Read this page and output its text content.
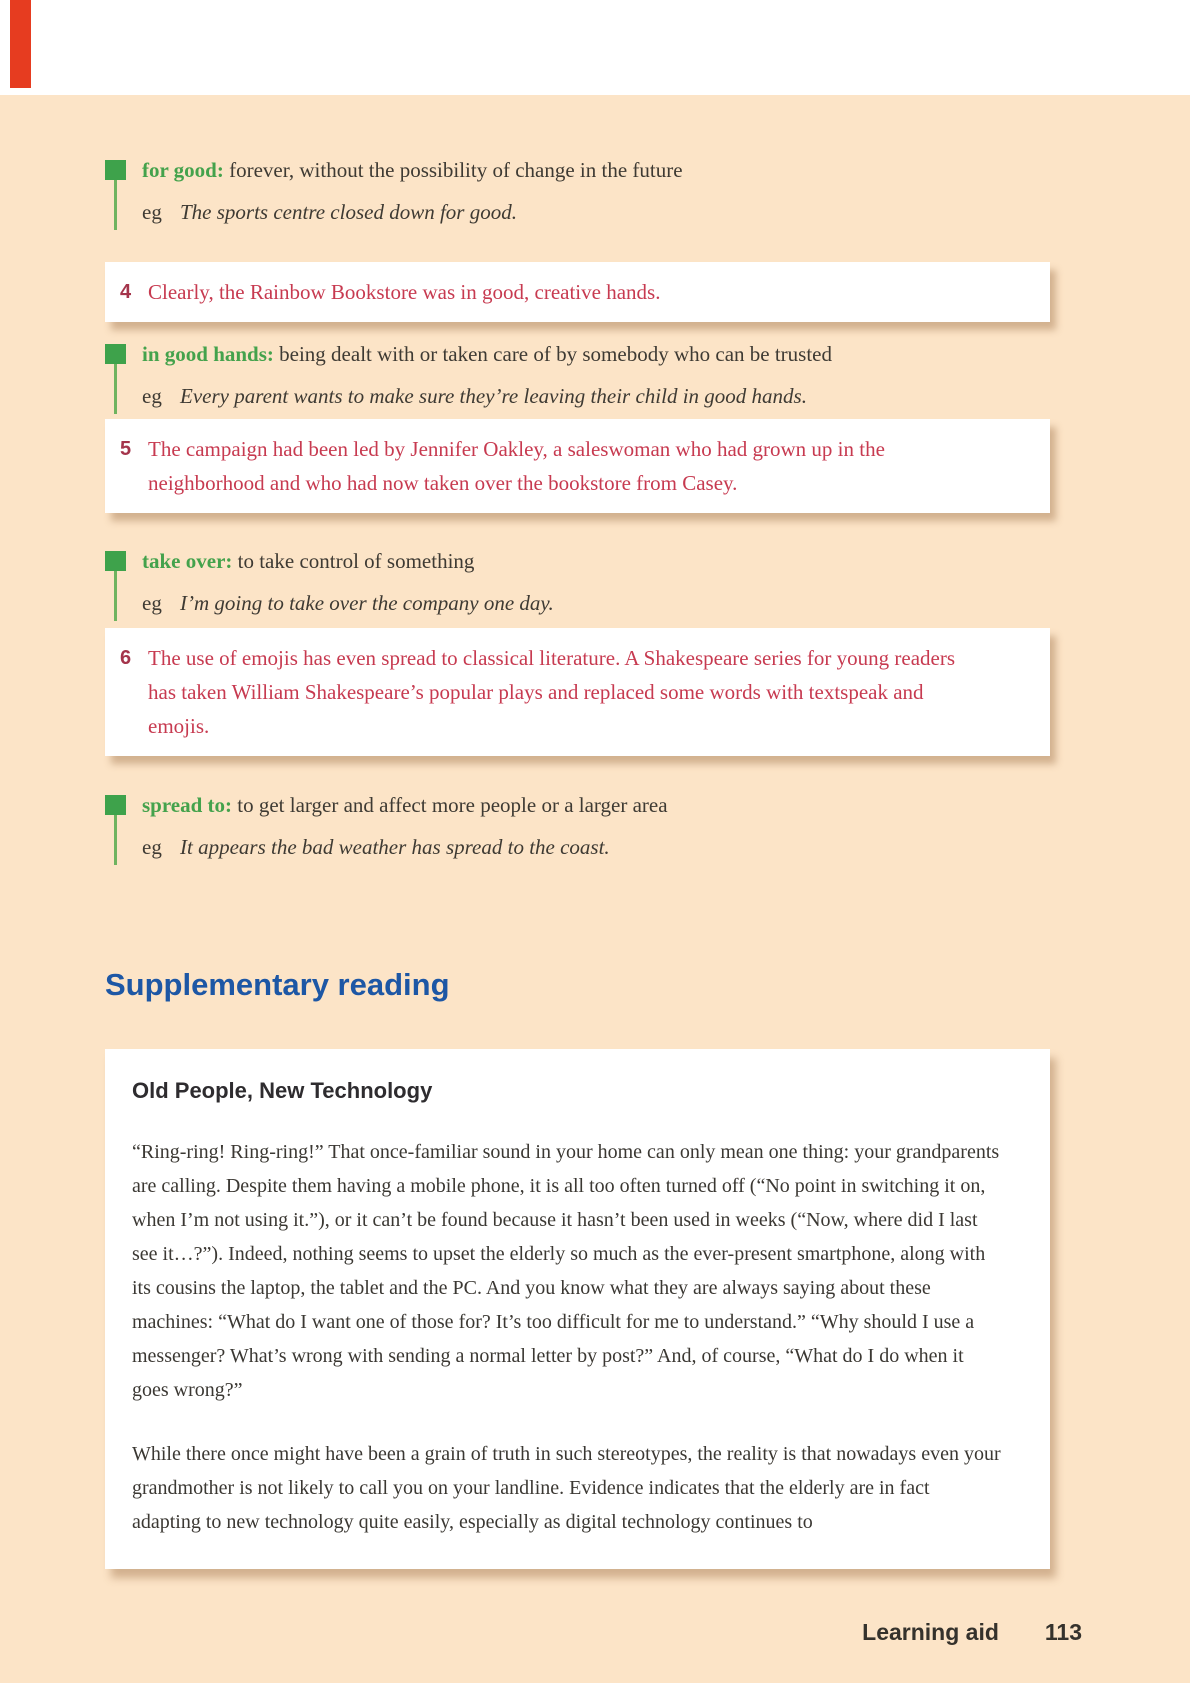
for good: forever, without the possibility of change in the future
eg The sports centre closed down for good.
4 Clearly, the Rainbow Bookstore was in good, creative hands.
in good hands: being dealt with or taken care of by somebody who can be trusted
eg Every parent wants to make sure they’re leaving their child in good hands.
5 The campaign had been led by Jennifer Oakley, a saleswoman who had grown up in the neighborhood and who had now taken over the bookstore from Casey.
take over: to take control of something
eg I’m going to take over the company one day.
6 The use of emojis has even spread to classical literature. A Shakespeare series for young readers has taken William Shakespeare’s popular plays and replaced some words with textspeak and emojis.
spread to: to get larger and affect more people or a larger area
eg It appears the bad weather has spread to the coast.
Supplementary reading
Old People, New Technology
“Ring-ring! Ring-ring!” That once-familiar sound in your home can only mean one thing: your grandparents are calling. Despite them having a mobile phone, it is all too often turned off (“No point in switching it on, when I’m not using it.”), or it can’t be found because it hasn’t been used in weeks (“Now, where did I last see it…?”). Indeed, nothing seems to upset the elderly so much as the ever-present smartphone, along with its cousins the laptop, the tablet and the PC. And you know what they are always saying about these machines: “What do I want one of those for? It’s too difficult for me to understand.” “Why should I use a messenger? What’s wrong with sending a normal letter by post?” And, of course, “What do I do when it goes wrong?”
While there once might have been a grain of truth in such stereotypes, the reality is that nowadays even your grandmother is not likely to call you on your landline. Evidence indicates that the elderly are in fact adapting to new technology quite easily, especially as digital technology continues to
Learning aid 113
